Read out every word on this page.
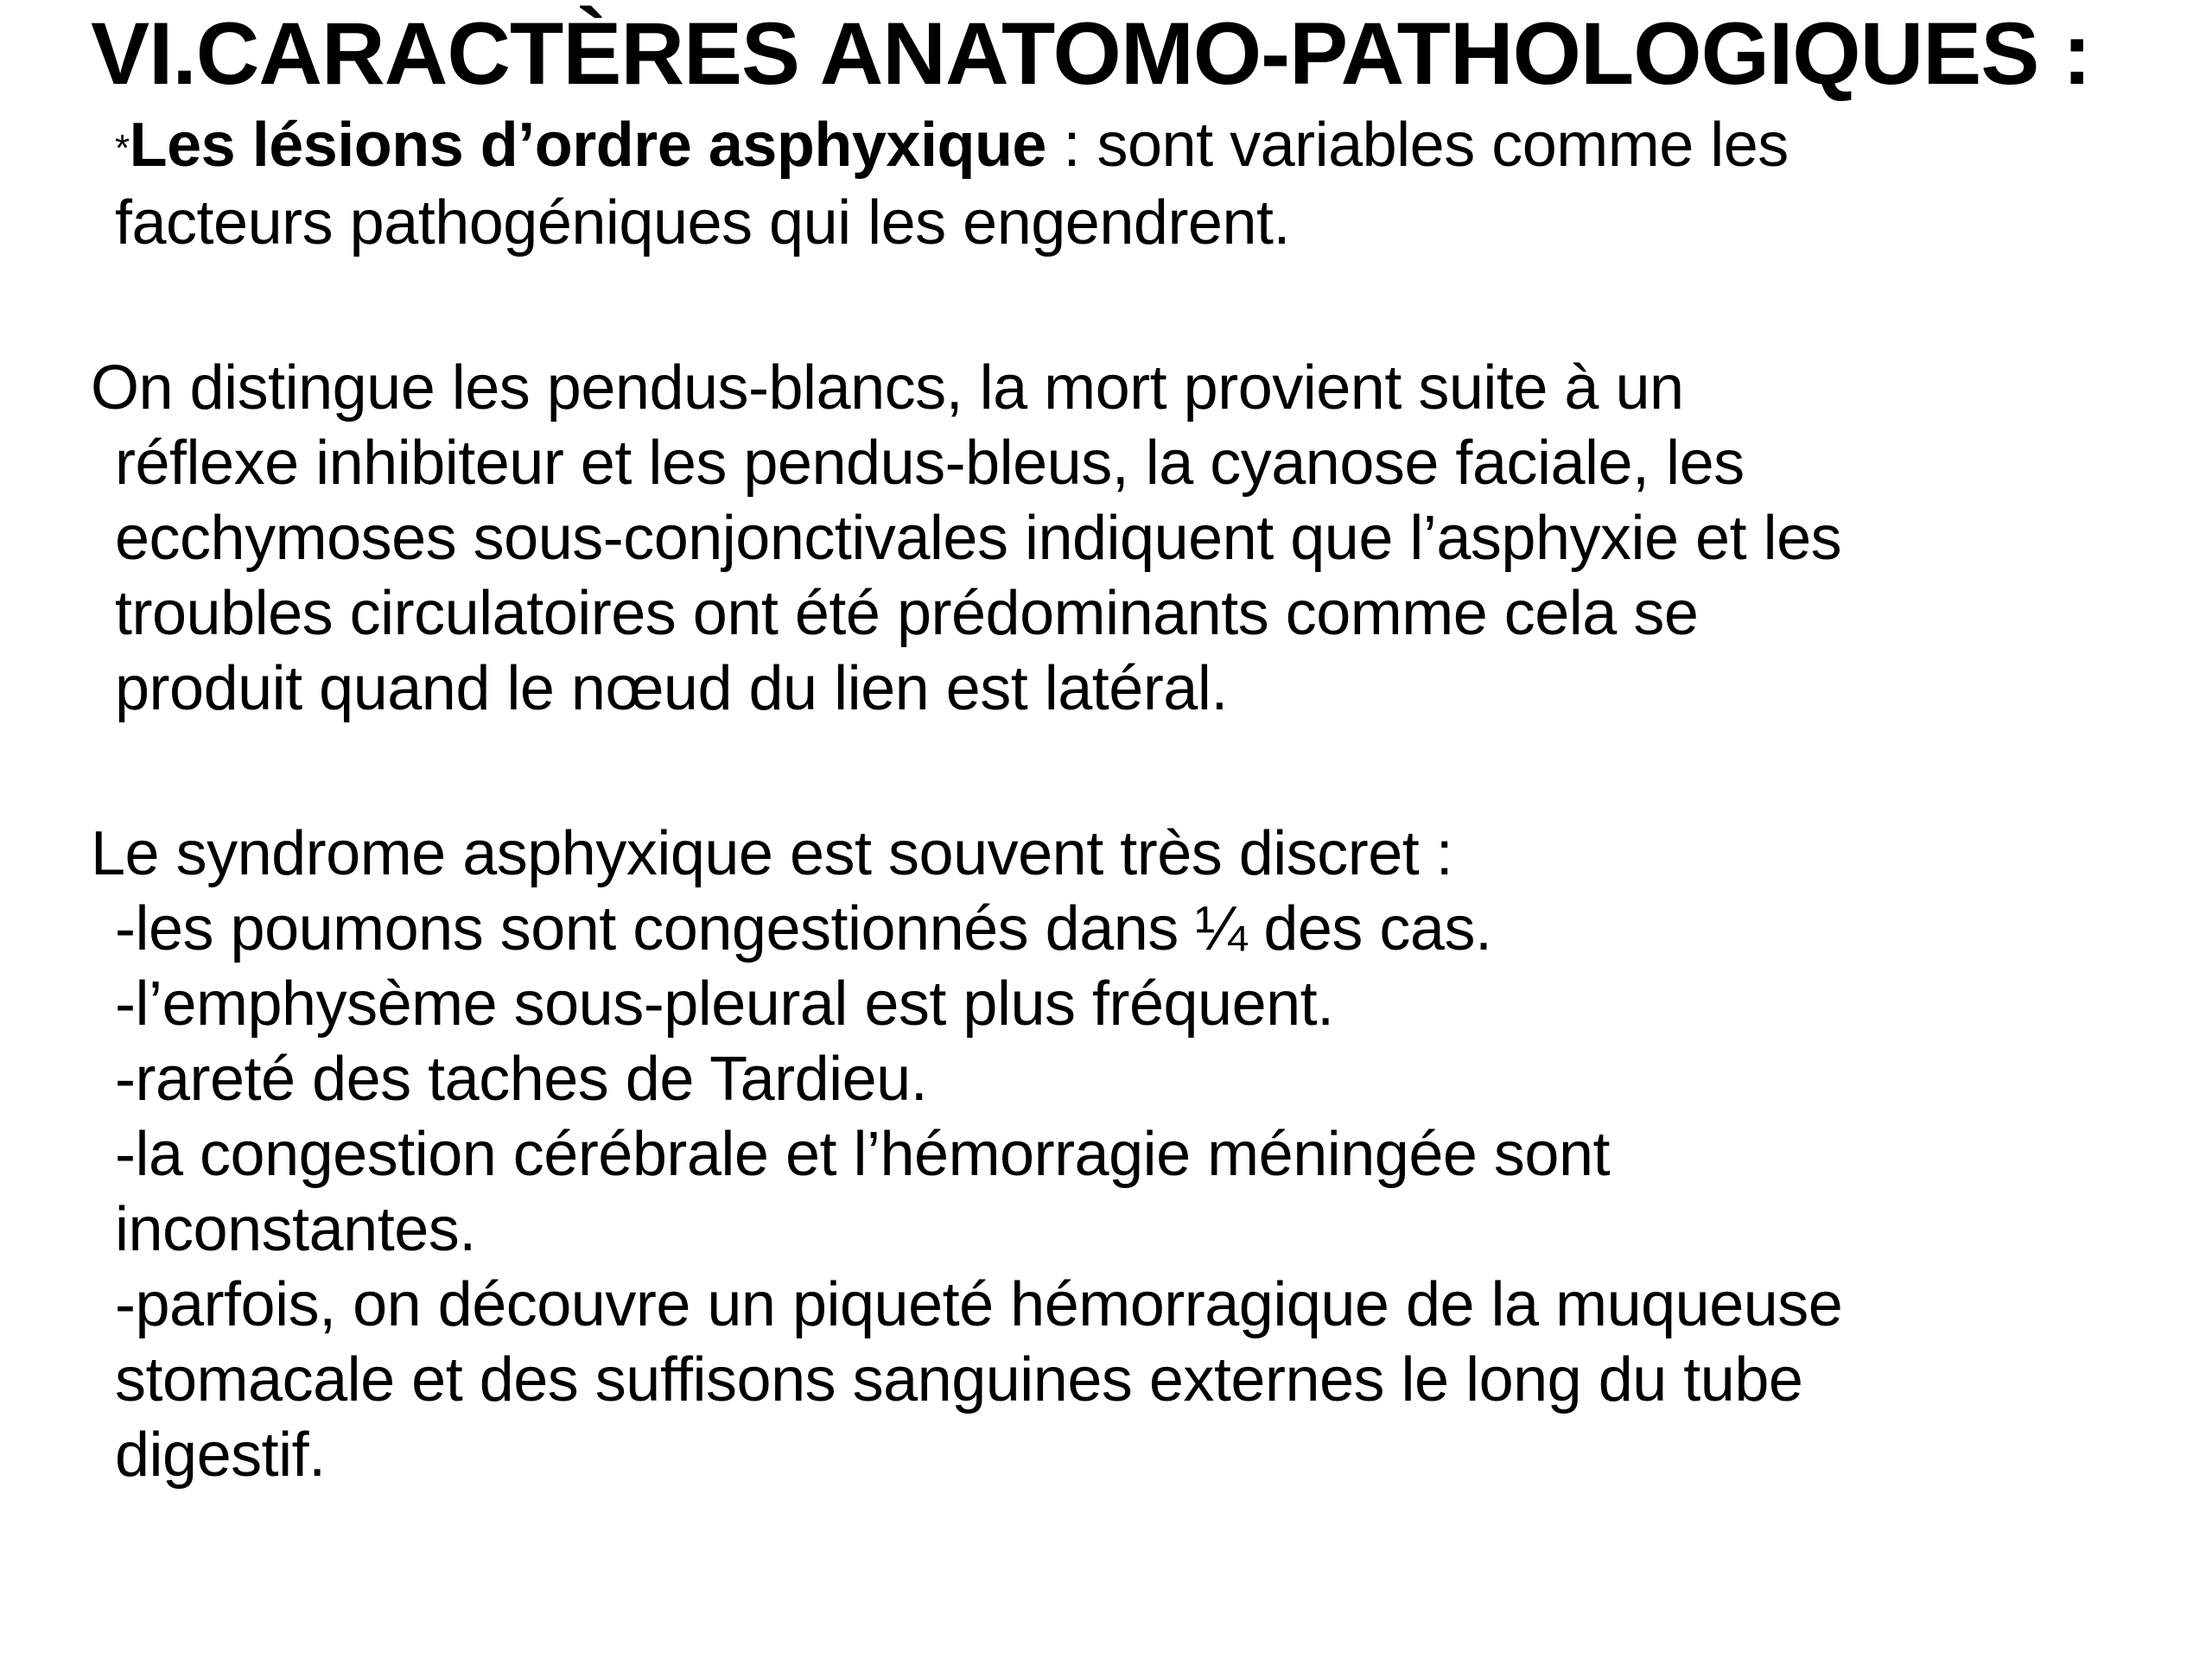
VI.CARACTÈRES ANATOMO-PATHOLOGIQUES :

*Les lésions d’ordre asphyxique : sont variables comme les

facteurs pathogéniques qui les engendrent.

On distingue les pendus-blancs, la mort provient suite à un

réflexe inhibiteur et les pendus-bleus, la cyanose faciale, les

ecchymoses sous-conjonctivales indiquent que l’asphyxie et les

troubles circulatoires ont été prédominants comme cela se

produit quand le nœud du lien est latéral.

Le syndrome asphyxique est souvent très discret :

-les poumons sont congestionnés dans ¼ des cas.

-l’emphysème sous-pleural est plus fréquent.

-rareté des taches de Tardieu.

-la congestion cérébrale et l’hémorragie méningée sont

inconstantes.

-parfois, on découvre un piqueté hémorragique de la muqueuse

stomacale et des suffisons sanguines externes le long du tube

digestif.
